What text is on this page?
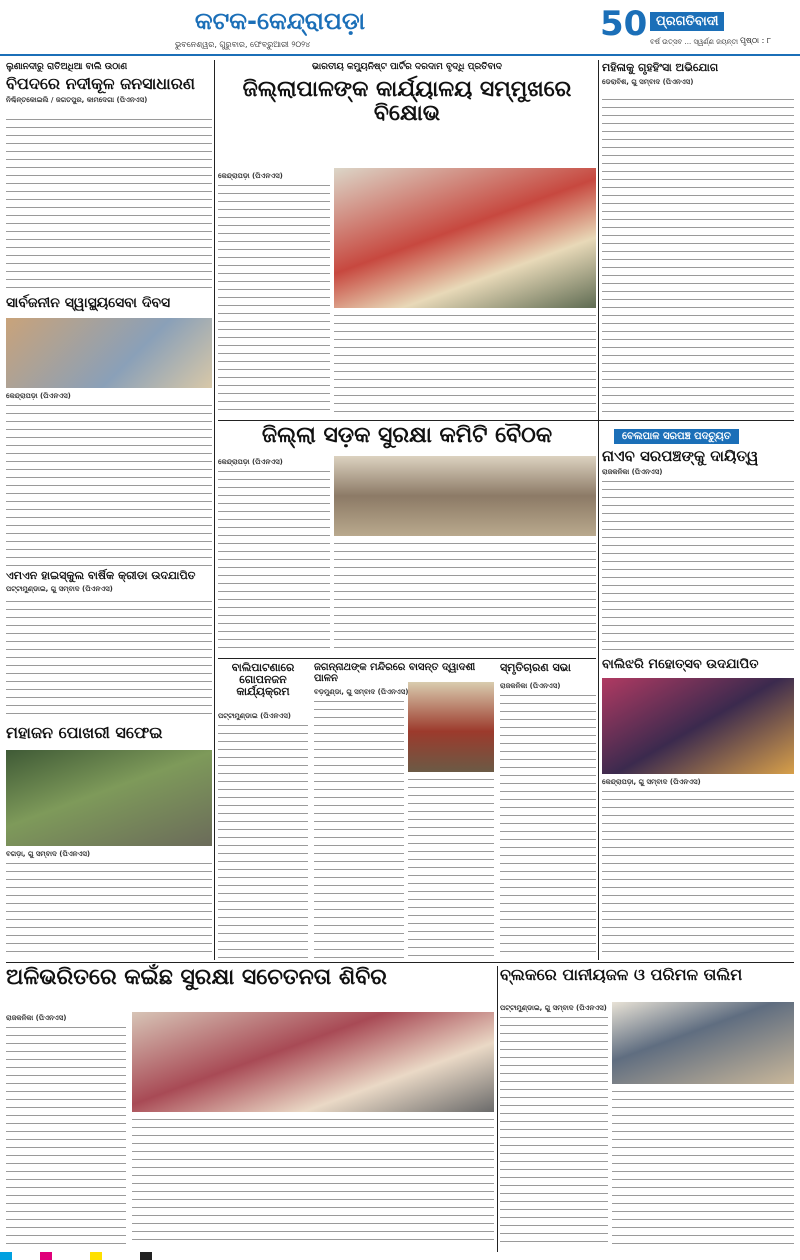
କଟକ-କେନ୍ଦ୍ରାପଡ଼ା
ଭୁବନେଶ୍ୱର, ଗୁରୁବାର, ଫେବ୍ରୁଆରୀ ୨୦୨୪
50 ପ୍ରଗତିବାଦୀ
ବର୍ଷ ଉତ୍ସବ ... ସ୍ୱର୍ଣ୍ଣ ଜୟନ୍ତୀ ପୃଷ୍ଠା : ୮
ଲୁଣାନଦୀରୁ ରାତିଅଧିଆ ବାଲି ଉଠାଣ
ବିପଦରେ ନଦୀକୂଳ ଜନସାଧାରଣ
ନିଶ୍ଚିନ୍ତକୋଇଲି / ଜଗତପୁର, କାମଦେଗା (ପିଏନଏସ)
ସାର୍ବଜନୀନ ସ୍ୱାସ୍ଥ୍ୟସେବା ଦିବସ
କେନ୍ଦ୍ରାପଡ଼ା (ପିଏନଏସ)
ଭାରତୀୟ କମ୍ୟୁନିଷ୍ଟ ପାର୍ଟିର ଦରଦାମ ବୃଦ୍ଧି ପ୍ରତିବାଦ
ଜିଲ୍ଲାପାଳଙ୍କ କାର୍ଯ୍ୟାଳୟ ସମ୍ମୁଖରେ ବିକ୍ଷୋଭ
କେନ୍ଦ୍ରାପଡ଼ା (ପିଏନଏସ)
ମହିଳାକୁ ଗୃହହିଂସା ଅଭିଯୋଗ
ଡେରାବିଶ, ଗୁ ସମ୍ବାଦ (ପିଏନଏସ)
ଜିଲ୍ଲା ସଡ଼କ ସୁରକ୍ଷା କମିଟି ବୈଠକ
କେନ୍ଦ୍ରାପଡ଼ା (ପିଏନଏସ)
ବେଲପାଳ ସରପଞ୍ଚ ପଦଚ୍ୟୁତ
ନାଏବ ସରପଞ୍ଚଙ୍କୁ ଦାୟିତ୍ୱ
ରାଜକନିକା (ପିଏନଏସ)
ଏମଏନ ହାଇସ୍କୁଲ ବାର୍ଷିକ କ୍ରୀଡା ଉଦଯାପିତ
ପଟ୍ଟାମୁଣ୍ଡାଇ, ଗୁ ସମ୍ବାଦ (ପିଏନଏସ)
ବାଲିଝରି ମହୋତ୍ସବ ଉଦଯାପିତ
କେନ୍ଦ୍ରାପଡ଼ା, ଗୁ ସମ୍ବାଦ (ପିଏନଏସ)
ବାଲିପାଟଣାରେ ଗୋପନଜନ କାର୍ଯ୍ୟକ୍ରମ
ପଟ୍ଟାମୁଣ୍ଡାଇ (ପିଏନଏସ)
ଜଗନ୍ନାଥଙ୍କ ମନ୍ଦିରରେ ବାସନ୍ତ ଦ୍ୱାଦଶୀ ପାଳନ
ବଡ଼ମୁଣ୍ଡା, ଗୁ ସମ୍ବାଦ (ପିଏନଏସ)
ସ୍ମୃତିଚାରଣ ସଭା
ରାଜକନିକା (ପିଏନଏସ)
ମହାଜନ ପୋଖରୀ ସଫେଇ
ବଗଡ଼ା, ଗୁ ସମ୍ବାଦ (ପିଏନଏସ)
ଅଳିଭରିତରେ କଇଁଛ ସୁରକ୍ଷା ସଚେତନତା ଶିବିର
ରାଜକନିକା (ପିଏନଏସ)
ବ୍ଲକରେ ପାନୀୟଜଳ ଓ ପରିମଳ ତାଲିମ
ପଟ୍ଟାମୁଣ୍ଡାଇ, ଗୁ ସମ୍ବାଦ (ପିଏନଏସ)
